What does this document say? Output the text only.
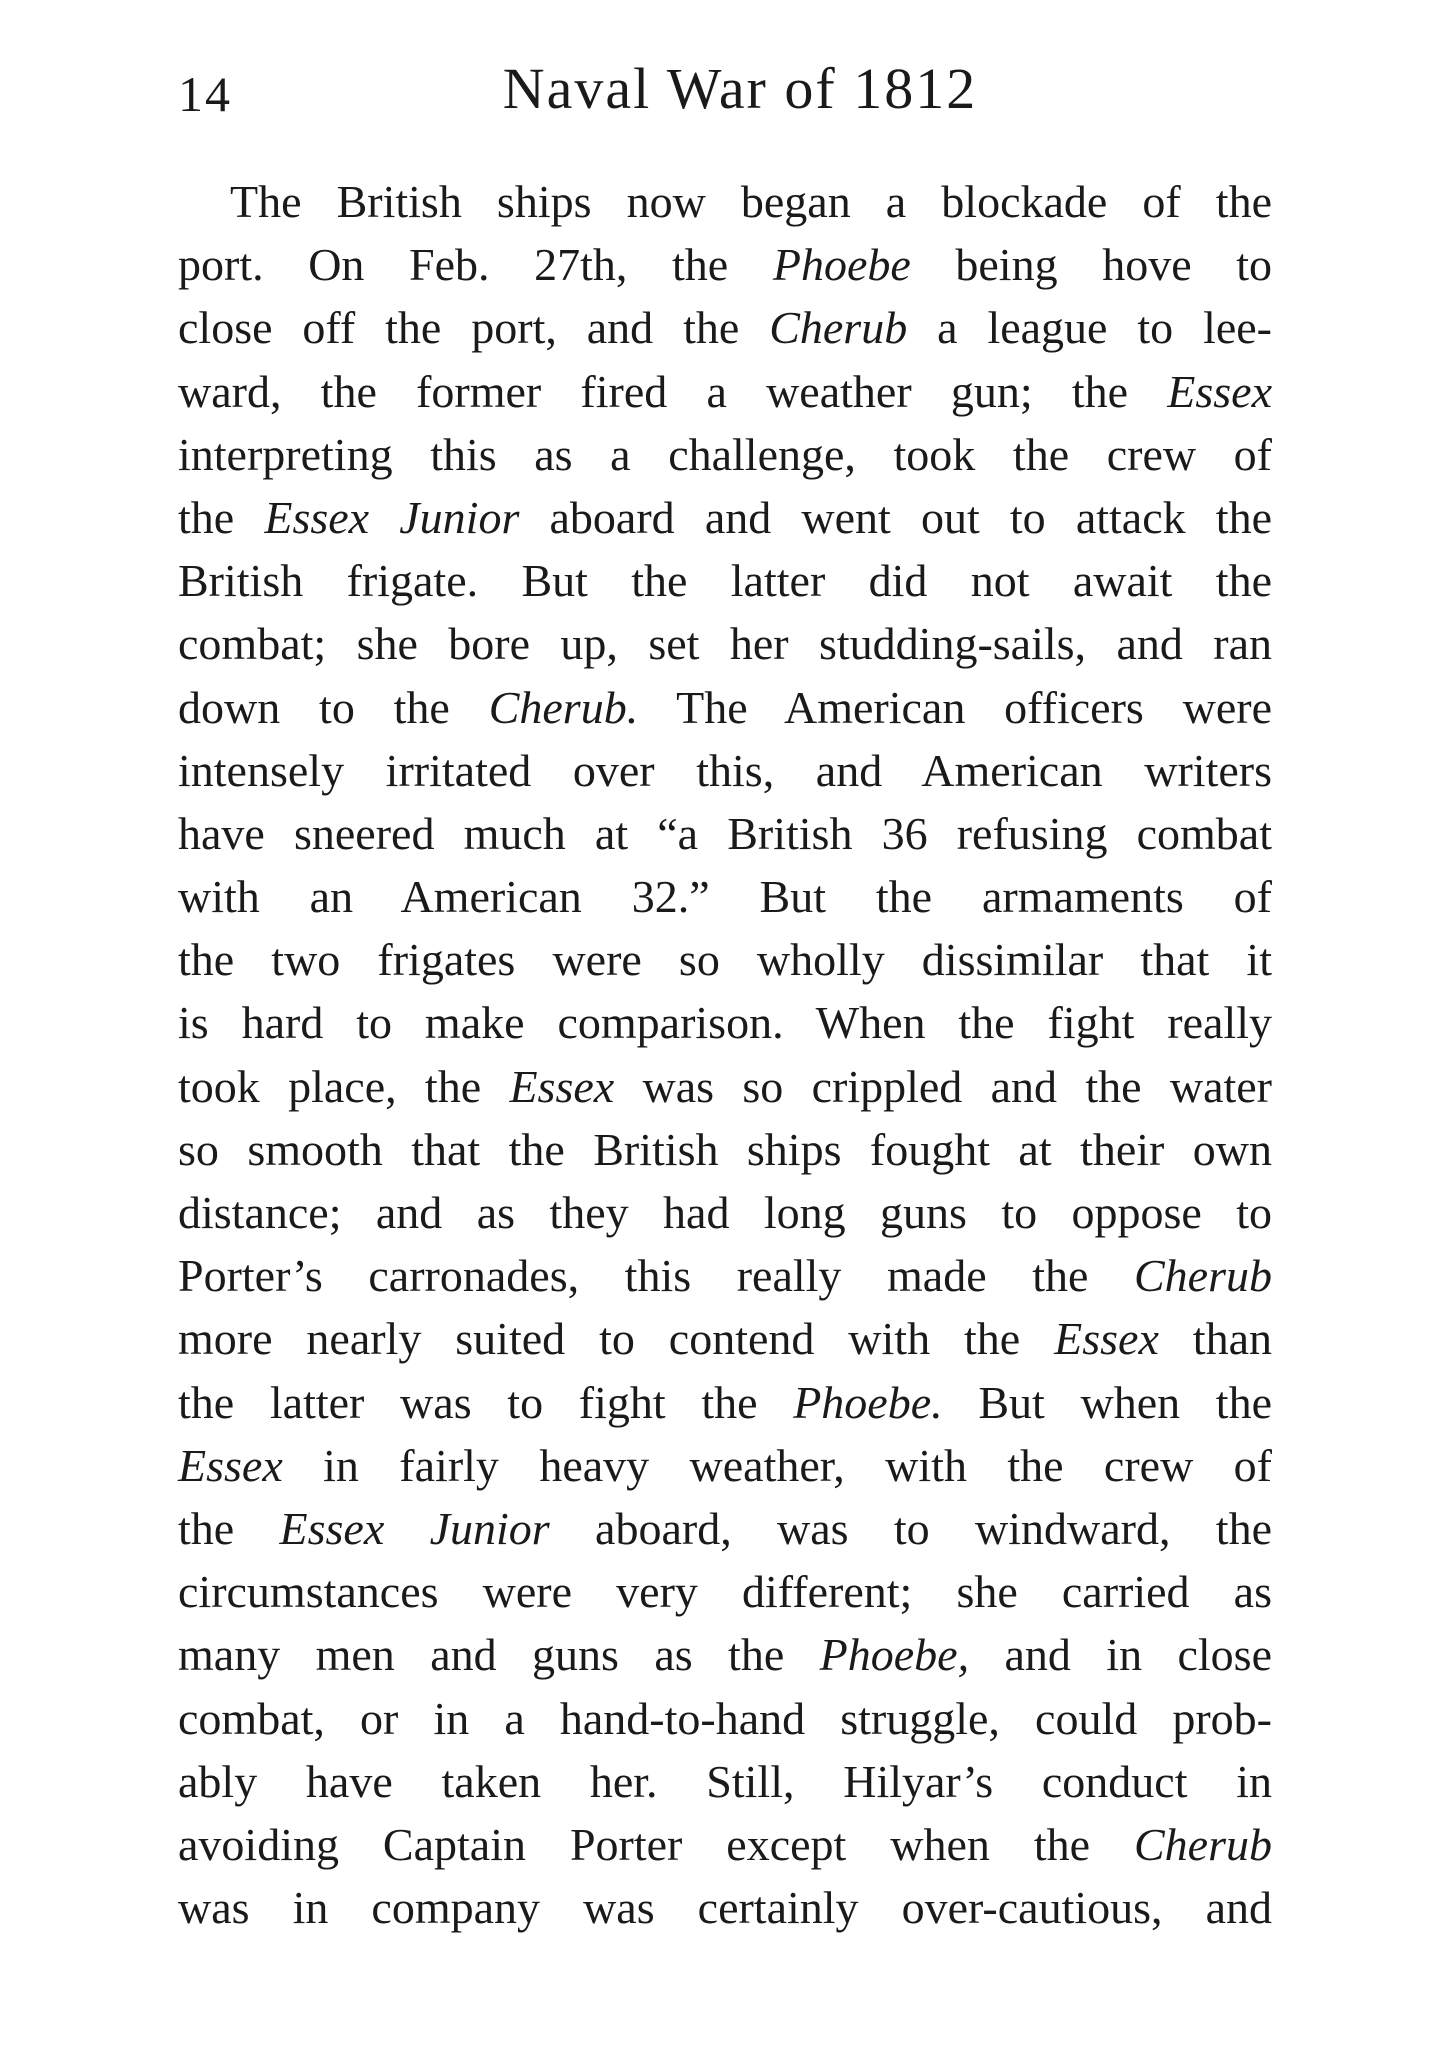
14	Naval War of 1812
The British ships now began a blockade of the
port. On Feb. 27th, the Phoebe being hove to
close off the port, and the Cherub a league to lee-
ward, the former fired a weather gun; the Essex
interpreting this as a challenge, took the crew of
the Essex Junior aboard and went out to attack the
British frigate. But the latter did not await the
combat; she bore up, set her studding-sails, and ran
down to the Cherub. The American officers were
intensely irritated over this, and American writers
have sneered much at “a British 36 refusing combat
with an American 32.” But the armaments of
the two frigates were so wholly dissimilar that it
is hard to make comparison. When the fight really
took place, the Essex was so crippled and the water
so smooth that the British ships fought at their own
distance; and as they had long guns to oppose to
Porter’s carronades, this really made the Cherub
more nearly suited to contend with the Essex than
the latter was to fight the Phoebe. But when the
Essex in fairly heavy weather, with the crew of
the Essex Junior aboard, was to windward, the
circumstances were very different; she carried as
many men and guns as the Phoebe, and in close
combat, or in a hand-to-hand struggle, could prob-
ably have taken her. Still, Hilyar’s conduct in
avoiding Captain Porter except when the Cherub
was in company was certainly over-cautious, and
